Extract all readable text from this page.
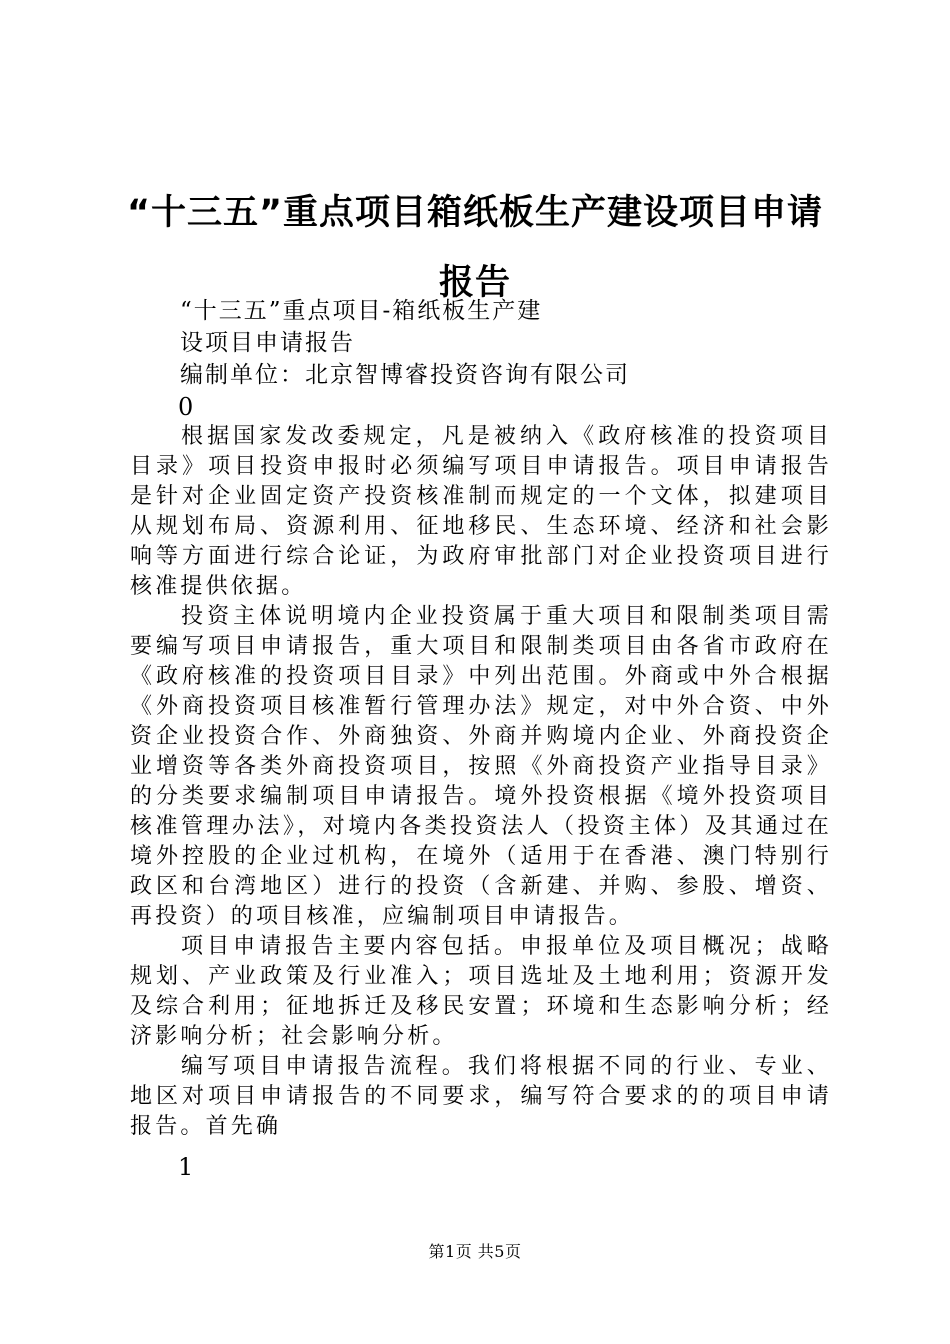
“十三五”重点项目箱纸板生产建设项目申请报告
“十三五”重点项目-箱纸板生产建
设项目申请报告
编制单位：北京智博睿投资咨询有限公司
0

根据国家发改委规定，凡是被纳入《政府核准的投资项目目录》项目投资申报时必须编写项目申请报告。项目申请报告是针对企业固定资产投资核准制而规定的一个文体，拟建项目从规划布局、资源利用、征地移民、生态环境、经济和社会影响等方面进行综合论证，为政府审批部门对企业投资项目进行核准提供依据。

投资主体说明境内企业投资属于重大项目和限制类项目需要编写项目申请报告，重大项目和限制类项目由各省市政府在《政府核准的投资项目目录》中列出范围。外商或中外合根据《外商投资项目核准暂行管理办法》规定，对中外合资、中外资企业投资合作、外商独资、外商并购境内企业、外商投资企业增资等各类外商投资项目，按照《外商投资产业指导目录》的分类要求编制项目申请报告。境外投资根据《境外投资项目核准管理办法》，对境内各类投资法人（投资主体）及其通过在境外控股的企业过机构，在境外（适用于在香港、澳门特别行政区和台湾地区）进行的投资（含新建、并购、参股、增资、再投资）的项目核准，应编制项目申请报告。

项目申请报告主要内容包括。申报单位及项目概况；战略规划、产业政策及行业准入；项目选址及土地利用；资源开发及综合利用；征地拆迁及移民安置；环境和生态影响分析；经济影响分析；社会影响分析。

编写项目申请报告流程。我们将根据不同的行业、专业、地区对项目申请报告的不同要求，编写符合要求的的项目申请报告。首先确

1
第1页 共5页
